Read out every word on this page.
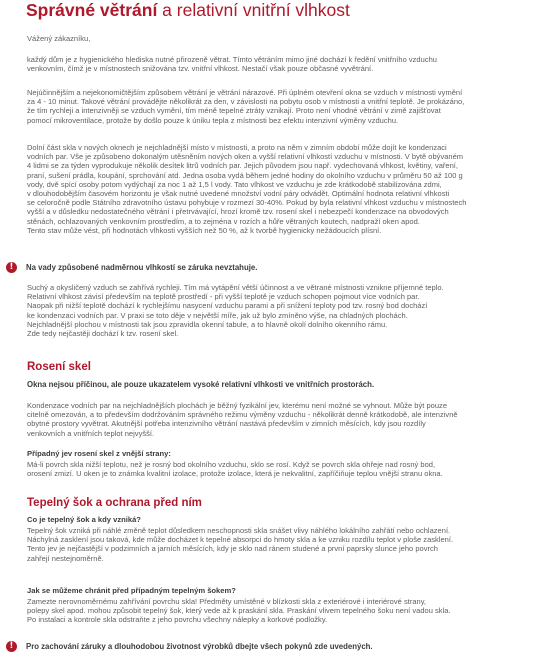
Správné větrání a relativní vnitřní vlhkost

Vážený zákazníku,

každý dům je z hygienického hlediska nutné přirozeně větrat. Tímto větráním mimo jiné dochází k ředění vnitřního vzduchu
venkovním, čímž je v místnostech snižována tzv. vnitřní vlhkost. Nestačí však pouze občasné vyvětrání.
Nejúčinnějším a nejekonomičtějším způsobem větrání je větrání nárazové. Při úplném otevření okna se vzduch v místnosti vymění
za 4 - 10 minut. Takové větrání provádějte několikrát za den, v závislosti na pobytu osob v místnosti a vnitřní teplotě. Je prokázáno,
že tím rychleji a intenzivněji se vzduch vymění, tím méně tepelné ztráty vznikají. Proto není vhodné větrání v zimě zajišťovat
pomocí mikroventilace, protože by došlo pouze k úniku tepla z místnosti bez efektu intenzivní výměny vzduchu.
Dolní část skla v nových oknech je nejchladnější místo v místnosti, a proto na něm v zimním období může dojít ke kondenzaci
vodních par. Vše je způsobeno dokonalým utěsněním nových oken a vyšší relativní vlhkostí vzduchu v místnosti. V bytě obývaném
4 lidmi se za týden vyprodukuje několik desítek litrů vodních par. Jejich původem jsou např. vydechovaná vlhkost, květiny, vaření,
praní, sušení prádla, koupání, sprchování atd. Jedna osoba vydá během jedné hodiny do okolního vzduchu v průměru 50 až 100 g
vody, dvě spící osoby potom vydýchají za noc 1 až 1,5 l vody. Tato vlhkost ve vzduchu je zde krátkodobě stabilizována zdmi,
v dlouhodobějším časovém horizontu je však nutné uvedené množství vodní páry odvádět. Optimální hodnota relativní vlhkosti
se celoročně podle Státního zdravotního ústavu pohybuje v rozmezí 30-40%. Pokud by byla relativní vlhkost vzduchu v místnostech
vyšší a v důsledku nedostatečného větrání i přetrvávající, hrozí kromě tzv. rosení skel i nebezpečí kondenzace na obvodových
stěnách, ochlazovaných venkovním prostředím, a to zejména v rozích a hůře větraných koutech, nadpraží oken apod.
Tento stav může vést, při hodnotách vlhkosti vyšších než 50 %, až k tvorbě hygienicky nežádoucích plísní.
!	Na vady způsobené nadměrnou vlhkostí se záruka nevztahuje.
Suchý a okysličený vzduch se zahřívá rychleji. Tím má vytápění větší účinnost a ve větrané místnosti vznikne příjemné teplo.
Relativní vlhkost závisí především na teplotě prostředí - při vyšší teplotě je vzduch schopen pojmout více vodních par.
Naopak při nižší teplotě dochází k rychlejšímu nasycení vzduchu parami a při snížení teploty pod tzv. rosný bod dochází
ke kondenzaci vodních par. V praxi se toto děje v největší míře, jak už bylo zmíněno výše, na chladných plochách.
Nejchladnější plochou v místnosti tak jsou zpravidla okenní tabule, a to hlavně okolí dolního okenního rámu.
Zde tedy nejčastěji dochází k tzv. rosení skel.
Rosení skel

Okna nejsou příčinou, ale pouze ukazatelem vysoké relativní vlhkosti ve vnitřních prostorách.

Kondenzace vodních par na nejchladnějších plochách je běžný fyzikální jev, kterému není možné se vyhnout. Může být pouze
citelně omezován, a to především dodržováním správného režimu výměny vzduchu - několikrát denně krátkodobě, ale intenzivně
obytné prostory vyvětrat. Akutnější potřeba intenzivního větrání nastává především v zimních měsících, kdy jsou rozdíly
venkovních a vnitřních teplot nejvyšší.

Případný jev rosení skel z vnější strany:

Má-li povrch skla nižší teplotu, než je rosný bod okolního vzduchu, sklo se rosí. Když se povrch skla ohřeje nad rosný bod,
orosení zmizí. U oken je to známka kvalitní izolace, protože izolace, která je nekvalitní, zapříčiňuje teplou vnější stranu okna.
Tepelný šok a ochrana před ním

Co je tepelný šok a kdy vzniká?

Tepelný šok vzniká při náhlé změně teplot důsledkem neschopnosti skla snášet vlivy náhlého lokálního zahřátí nebo ochlazení.
Náchylná zasklení jsou taková, kde může docházet k tepelné absorpci do hmoty skla a ke vzniku rozdílu teplot v ploše zasklení.
Tento jev je nejčastější v podzimních a jarních měsících, kdy je sklo nad ránem studené a první paprsky slunce jeho povrch
zahřejí nestejnoměrně.

Jak se můžeme chránit před případným tepelným šokem?

Zamezte nerovnoměrnému zahřívání povrchu skla! Předměty umístěné v blízkosti skla z exteriérové i interiérové strany,
polepy skel apod. mohou způsobit tepelný šok, který vede až k praskání skla. Praskání vlivem tepelného šoku není vadou skla.
Po instalaci a kontrole skla odstraňte z jeho povrchu všechny nálepky a korkové podložky.
!	Pro zachování záruky a dlouhodobou životnost výrobků dbejte všech pokynů zde uvedených.
